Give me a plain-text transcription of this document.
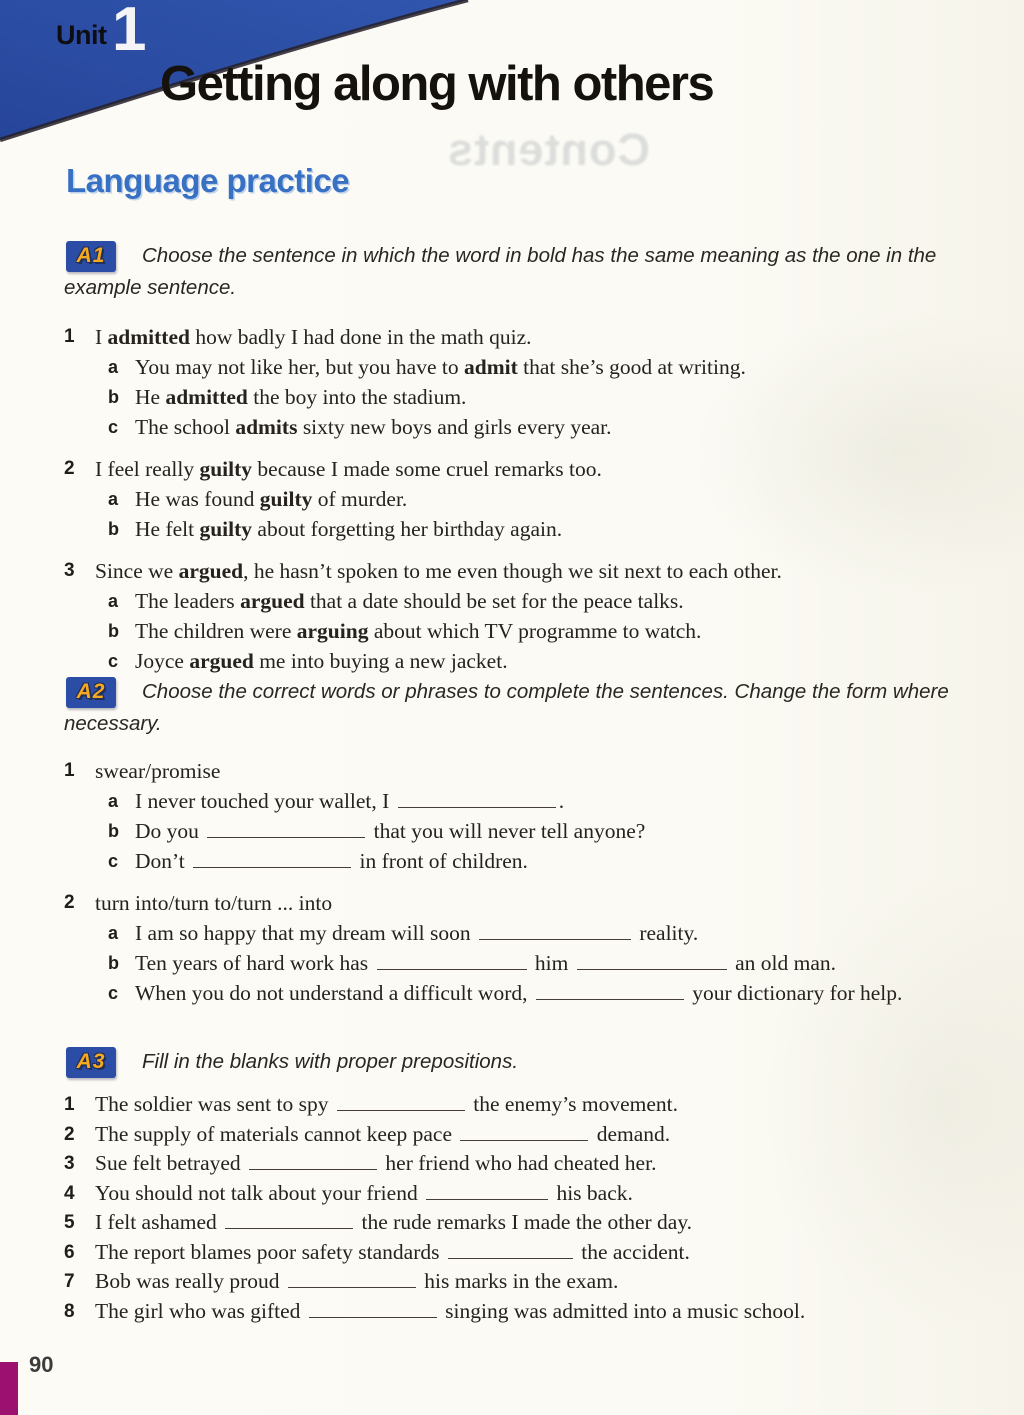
Unit 1
Getting along with others
Contents
Language practice
A1	Choose the sentence in which the word in bold has the same meaning as the one in the example sentence.

1 I admitted how badly I had done in the math quiz.
a You may not like her, but you have to admit that she’s good at writing.
b He admitted the boy into the stadium.
c The school admits sixty new boys and girls every year.
2 I feel really guilty because I made some cruel remarks too.
a He was found guilty of murder.
b He felt guilty about forgetting her birthday again.
3 Since we argued, he hasn’t spoken to me even though we sit next to each other.
a The leaders argued that a date should be set for the peace talks.
b The children were arguing about which TV programme to watch.
c Joyce argued me into buying a new jacket.
A2	Choose the correct words or phrases to complete the sentences. Change the form where necessary.

1 swear/promise
a I never touched your wallet, I	.
b Do you	that you will never tell anyone?
c Don’t	in front of children.
2 turn into/turn to/turn ... into
a I am so happy that my dream will soon	reality.
b Ten years of hard work has	him	an old man.
c When you do not understand a difficult word,	your dictionary for help.
A3	Fill in the blanks with proper prepositions.

1 The soldier was sent to spy	the enemy’s movement.
2 The supply of materials cannot keep pace	demand.
3 Sue felt betrayed	her friend who had cheated her.
4 You should not talk about your friend	his back.
5 I felt ashamed	the rude remarks I made the other day.
6 The report blames poor safety standards	the accident.
7 Bob was really proud	his marks in the exam.
8 The girl who was gifted	singing was admitted into a music school.
90
